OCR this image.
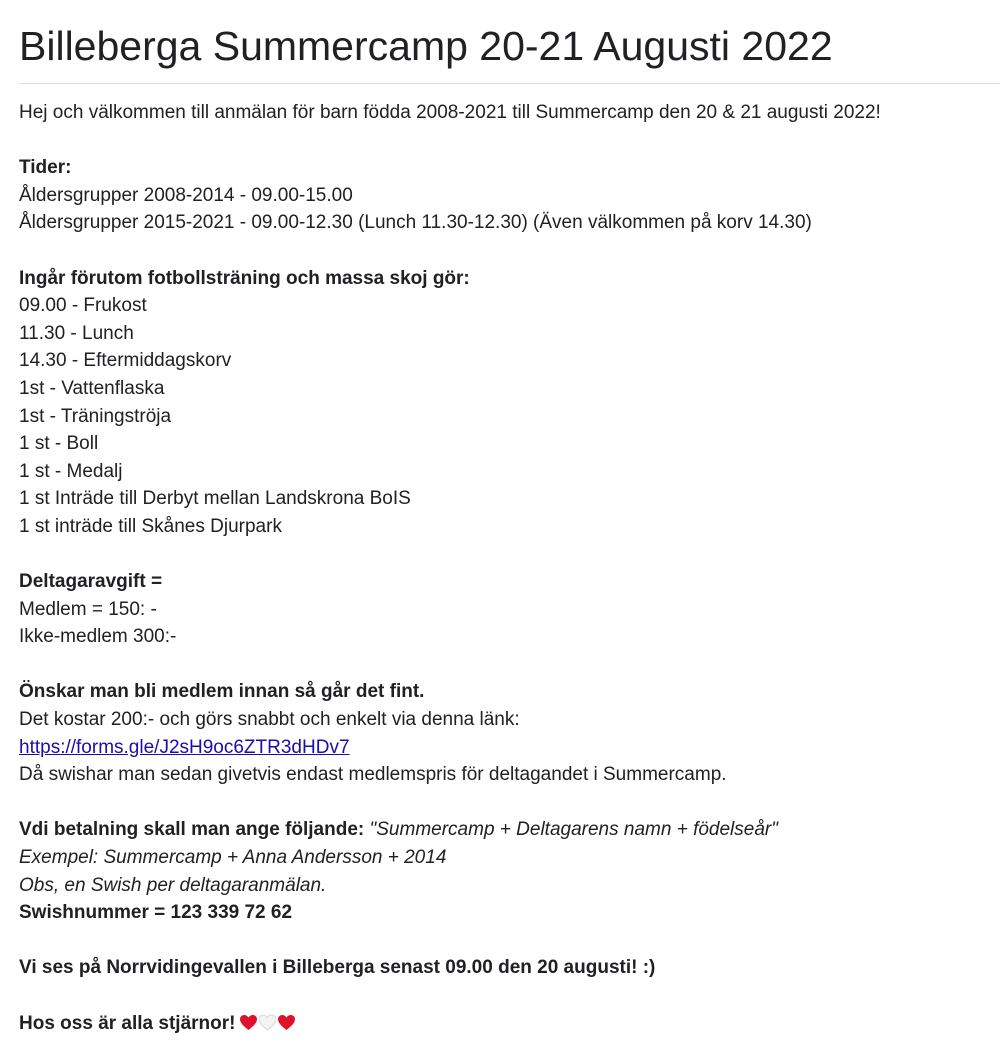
Billeberga Summercamp 20-21 Augusti 2022
Hej och välkommen till anmälan för barn födda 2008-2021 till Summercamp den 20 & 21 augusti 2022!
Tider:
Åldersgrupper 2008-2014 - 09.00-15.00
Åldersgrupper 2015-2021 - 09.00-12.30 (Lunch 11.30-12.30) (Även välkommen på korv 14.30)
Ingår förutom fotbollsträning och massa skoj gör:
09.00 - Frukost
11.30 - Lunch
14.30 - Eftermiddagskorv
1st - Vattenflaska
1st - Träningströja
1 st - Boll
1 st - Medalj
1 st Inträde till Derbyt mellan Landskrona BoIS
1 st inträde till Skånes Djurpark
Deltagaravgift =
Medlem = 150: -
Ikke-medlem 300:-
Önskar man bli medlem innan så går det fint.
Det kostar 200:- och görs snabbt och enkelt via denna länk:
https://forms.gle/J2sH9oc6ZTR3dHDv7
Då swishar man sedan givetvis endast medlemspris för deltagandet i Summercamp.
Vdi betalning skall man ange följande: "Summercamp + Deltagarens namn + födelseår"
Exempel: Summercamp + Anna Andersson + 2014
Obs, en Swish per deltagaranmälan.
Swishnummer = 123 339 72 62
Vi ses på Norrvidingevallen i Billeberga senast 09.00 den 20 augusti! :)
Hos oss är alla stjärnor!
